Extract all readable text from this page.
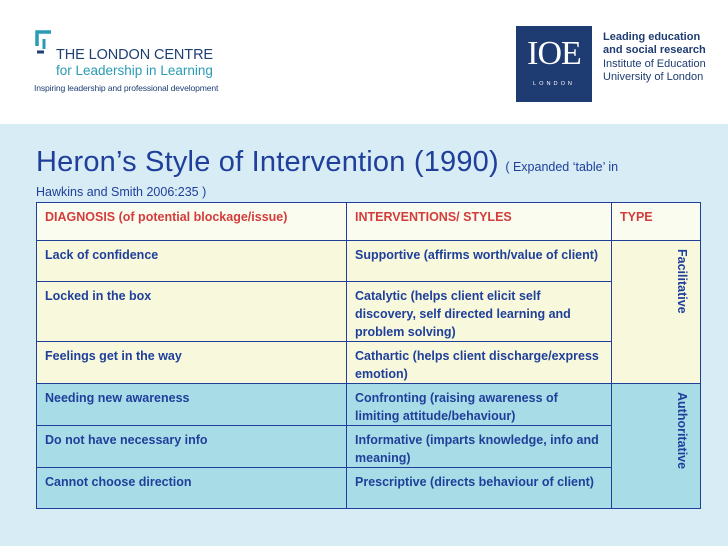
THE LONDON CENTRE
for Leadership in Learning
Inspiring leadership and professional development
IOE
LONDON
Leading education
and social research
Institute of Education
University of London
Heron’s Style of Intervention (1990) ( Expanded ‘table’ in
Hawkins and Smith 2006:235 )
DIAGNOSIS (of potential blockage/issue)	INTERVENTIONS/ STYLES	TYPE
Lack of confidence	Supportive (affirms worth/value of client)	Facilitative

Locked in the box	Catalytic (helps client elicit self discovery, self directed learning and problem solving)	
Feelings get in the way	Cathartic (helps client discharge/express emotion)	
Needing new awareness	Confronting (raising awareness of limiting attitude/behaviour)	Authoritative

Do not have necessary info	Informative (imparts knowledge, info and meaning)	
Cannot choose direction	Prescriptive (directs behaviour of client)	
